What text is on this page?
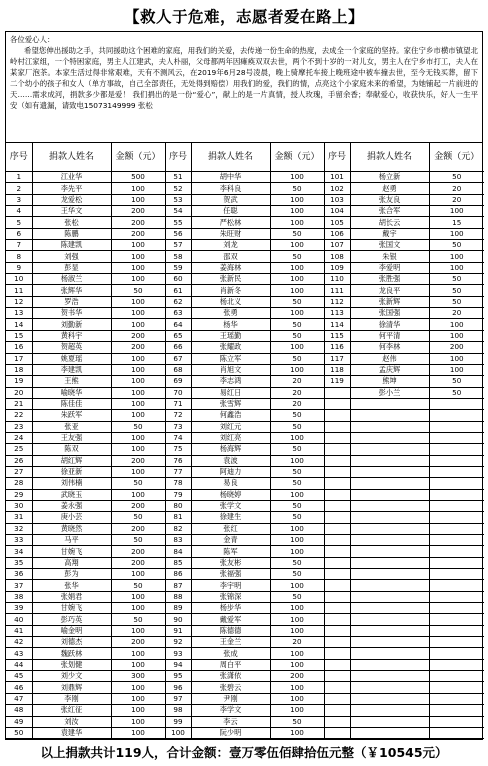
【救人于危难，志愿者爱在路上】
各位爱心人：
希望您伸出援助之手，共同援助这个困难的家庭，用我们的关爱，去传递一份生命的热度，去成全一个家庭的坚持。家住宁乡市横市镇望北岭村江家组，一个特困家庭，男主人江建武，夫人朴丽，父母都两年因瘫痪双双去世，两个不到十岁的一对儿女，男主人在宁乡市打工，夫人在某家厂泡茶。本家生活过得非常艰难，天有不测风云，在2019年6月28号凌晨，晚上骑摩托车接上晚班途中被车撞去世，至今无钱买葬，留下二个幼小的孩子和女人（单方事故，自己全部责任，无处得到赔偿）用我们的爱，我们的情，点亮这个小家庭未来的希望，为她铺起一片前进的天……需求成河，捐款多少都是爱！ 我们捐出的是一份“爱心”，献上的是一片真情，授人玫瑰，手留余香；奉献爱心，收获快乐，好人一生平安（如有遗漏，请致电15073149999 张松
序号	捐款人姓名	金额（元）	序号	捐款人姓名	金额（元）	序号	捐款人姓名	金额（元）
1	江业华	500	51	胡中华	100	101	杨立新	50
2	李先平	100	52	李科良	50	102	赵勇	20
3	龙爱松	100	53	贺武	100	103	张友良	20
4	王华文	200	54	任聪	100	104	张合军	100
5	张松	200	55	严松林	100	105	胡长云	15
6	陈鹏	200	56	朱旺财	50	106	戴宇	100
7	陈建凯	100	57	刘龙	100	107	张国文	50
8	刘强	100	58	邵双	50	108	朱银	100
9	彭显	100	59	姜海林	100	109	李爱明	100
10	杨淑兰	100	60	张新民	100	110	张胜强	50
11	张辉华	50	61	肖新冬	100	111	龙良平	50
12	罗浩	100	62	杨北义	50	112	张新辉	50
13	贺书华	100	63	张勇	100	113	张国强	20
14	刘勤新	100	64	杨华	50	114	徐清华	100
15	黄科宇	200	65	王瑶勤	50	115	何平清	100
16	贺超英	200	66	张耀政	100	116	何李林	200
17	姚夏瑶	100	67	陈立军	50	117	赵伟	100
18	李建凯	100	68	肖旭文	100	118	孟庆辉	100
19	王熊	100	69	李志鸿	20	119	熊坤	50
20	喻晓华	100	70	易红日	20		彭小兰	50
21	陈佳佳	100	71	张雪辉	20			
22	朱跃军	100	72	何鑫浩	50			
23	张亚	50	73	刘红元	50			
24	王友强	100	74	刘红亮	100			
25	陈双	100	75	杨海辉	50			
26	胡红辉	200	76	袁波	100			
27	徐亚新	100	77	阿迪力	50			
28	刘伟楠	50	78	易良	50			
29	武晓玉	100	79	杨晓婷	100			
30	姜永强	200	80	张学文	50			
31	庚小芸	50	81	徐建生	50			
32	黄晓然	200	82	张红	100			
33	马平	50	83	金青	100			
34	甘婉飞	200	84	陈军	100			
35	高翔	200	85	张友彬	50			
36	彭为	100	86	张福强	50			
37	张华	50	87	李宇明	100			
38	张娟君	100	88	张锦深	50			
39	甘婉飞	100	89	杨步华	100			
40	彭巧英	50	90	戴爱军	100			
41	喻金明	100	91	陈德德	100			
42	刘德杰	200	92	王金兰	20			
43	魏跃林	100	93	张成	100			
44	张划健	100	94	周白平	100			
45	刘少文	300	95	张潇依	200			
46	刘鼎辉	100	96	张碧云	100			
47	李刚	100	97	尹刚	100			
48	张红征	100	98	李学文	100			
49	刘汝	100	99	李云	50			
50	袁建华	100	100	阮少明	100			
以上捐款共计119人，合计金额：壹万零伍佰肆拾伍元整（￥10545元）
